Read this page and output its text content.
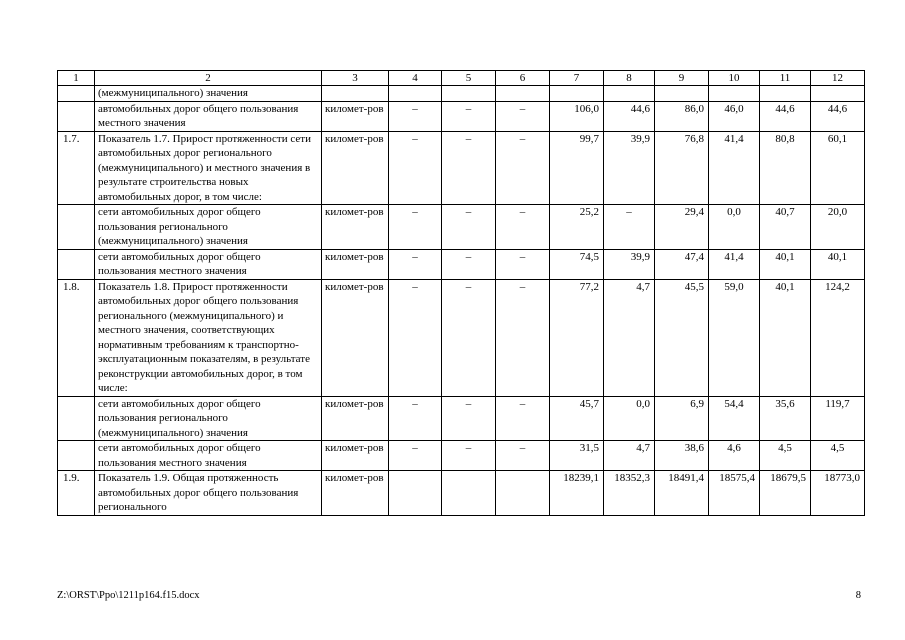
1	2	3	4	5	6	7	8	9	10	11	12
	(межмуниципального) значения										
	автомобильных дорог общего пользования местного значения	километ-ров	–	–	–	106,0	44,6	86,0	46,0	44,6	44,6
1.7.	Показатель 1.7. Прирост протяженности сети автомобильных дорог регионального (межмуниципального) и местного значения в результате строительства новых автомобильных дорог, в том числе:	километ-ров	–	–	–	99,7	39,9	76,8	41,4	80,8	60,1
	сети автомобильных дорог общего пользования регионального (межмуниципального) значения	километ-ров	–	–	–	25,2	–	29,4	0,0	40,7	20,0
	сети автомобильных дорог общего пользования местного значения	километ-ров	–	–	–	74,5	39,9	47,4	41,4	40,1	40,1
1.8.	Показатель 1.8. Прирост протяженности автомобильных дорог общего пользования регионального (межмуниципального) и местного значения, соответствующих нормативным требованиям к транспортно-эксплуатационным показателям, в результате реконструкции автомобильных дорог, в том числе:	километ-ров	–	–	–	77,2	4,7	45,5	59,0	40,1	124,2
	сети автомобильных дорог общего пользования регионального (межмуниципального) значения	километ-ров	–	–	–	45,7	0,0	6,9	54,4	35,6	119,7
	сети автомобильных дорог общего пользования местного значения	километ-ров	–	–	–	31,5	4,7	38,6	4,6	4,5	4,5
1.9.	Показатель 1.9. Общая протяженность автомобильных дорог общего пользования регионального	километ-ров				18239,1	18352,3	18491,4	18575,4	18679,5	18773,0
Z:\ORST\Ppo\1211p164.f15.docx	8
